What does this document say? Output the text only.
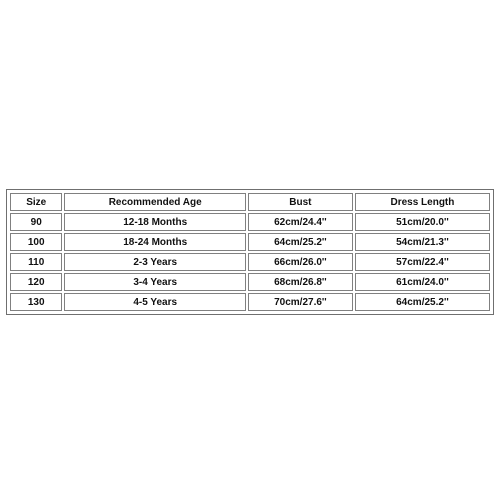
Size	Recommended Age	Bust	Dress Length
90	12-18 Months	62cm/24.4''	51cm/20.0''
100	18-24 Months	64cm/25.2''	54cm/21.3''
110	2-3 Years	66cm/26.0''	57cm/22.4''
120	3-4 Years	68cm/26.8''	61cm/24.0''
130	4-5 Years	70cm/27.6''	64cm/25.2''
